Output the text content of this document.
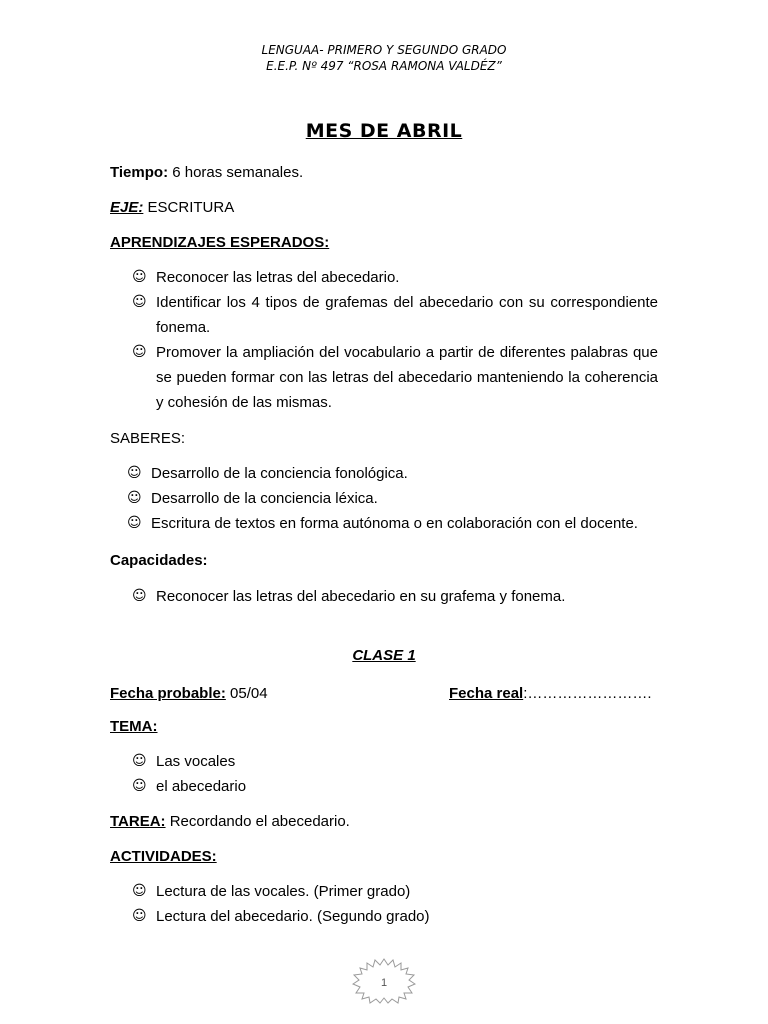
LENGUAA- PRIMERO Y SEGUNDO GRADO
E.E.P. Nº 497 “ROSA RAMONA VALDÉZ”
MES DE ABRIL
Tiempo: 6 horas semanales.
EJE: ESCRITURA
APRENDIZAJES ESPERADOS:
☺ Reconocer las letras del abecedario.
☺ Identificar los 4 tipos de grafemas del abecedario con su correspondiente fonema.
☺ Promover la ampliación del vocabulario a partir de diferentes palabras que se pueden formar con las letras del abecedario manteniendo la coherencia y cohesión de las mismas.
SABERES:
☺ Desarrollo de la conciencia fonológica.
☺ Desarrollo de la conciencia léxica.
☺ Escritura de textos en forma autónoma o en colaboración con el docente.
Capacidades:
☺ Reconocer las letras del abecedario en su grafema y fonema.
CLASE 1
Fecha probable: 05/04	Fecha real:…………………….
TEMA:
☺ Las vocales
☺ el abecedario
TAREA: Recordando el abecedario.
ACTIVIDADES:
☺ Lectura de las vocales. (Primer grado)
☺ Lectura del abecedario. (Segundo grado)
1
